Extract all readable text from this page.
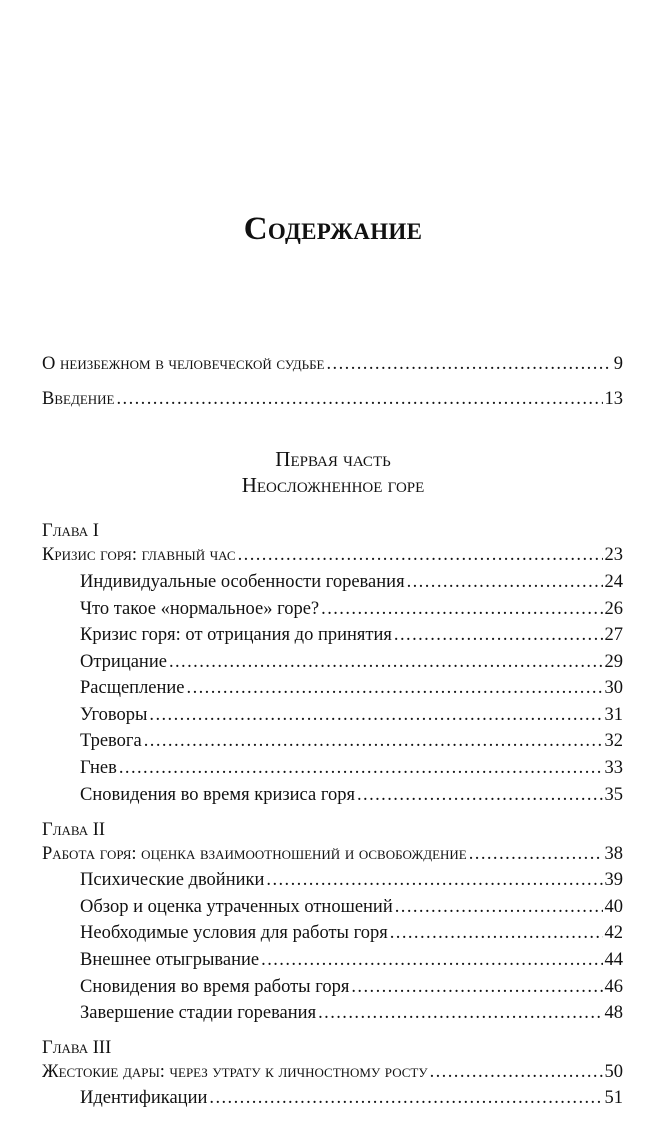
Содержание
О неизбежном в человеческой судьбе . . .	9
Введение . . .	13
Первая часть
Неосложненное горе
Глава I
Кризис горя: главный час . . .	23
Индивидуальные особенности горевания . . .	24
Что такое «нормальное» горе? . . .	26
Кризис горя: от отрицания до принятия . . .	27
Отрицание . . .	29
Расщепление . . .	30
Уговоры . . .	31
Тревога . . .	32
Гнев . . .	33
Сновидения во время кризиса горя . . .	35
Глава II
Работа горя: оценка взаимоотношений и освобождение . . .	38
Психические двойники . . .	39
Обзор и оценка утраченных отношений . . .	40
Необходимые условия для работы горя . . .	42
Внешнее отыгрывание . . .	44
Сновидения во время работы горя . . .	46
Завершение стадии горевания . . .	48
Глава III
Жестокие дары: через утрату к личностному росту . . .	50
Идентификации . . .	51
